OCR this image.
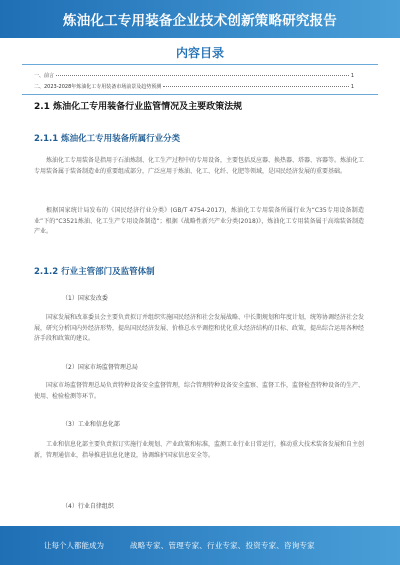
炼油化工专用装备企业技术创新策略研究报告
内容目录
一、前言	1
二、2023-2028年炼油化工专用装备市场前景及趋势预测	1
2.1 炼油化工专用装备行业监管情况及主要政策法规
2.1.1 炼油化工专用装备所属行业分类
炼油化工专用装备是指用于石油炼制、化工生产过程中的专用设备，主要包括反应器、换热器、塔器、容器等。炼油化工专用装备属于装备制造业的重要组成部分，广泛应用于炼油、化工、化纤、化肥等领域，是国民经济发展的重要基础。
根据国家统计局发布的《国民经济行业分类》(GB/T 4754-2017)，炼油化工专用装备所属行业为“C35专用设备制造业”下的“C3521炼油、化工生产专用设备制造”；根据《战略性新兴产业分类(2018)》，炼油化工专用装备属于高端装备制造产业。
2.1.2 行业主管部门及监管体制
（1）国家发改委
国家发展和改革委员会主要负责拟订并组织实施国民经济和社会发展战略、中长期规划和年度计划，统筹协调经济社会发展，研究分析国内外经济形势，提出国民经济发展、价格总水平调控和优化重大经济结构的目标、政策，提出综合运用各种经济手段和政策的建议。
（2）国家市场监督管理总局
国家市场监督管理总局负责特种设备安全监督管理，综合管理特种设备安全监察、监督工作，监督检查特种设备的生产、使用、检验检测等环节。
（3）工业和信息化部
工业和信息化部主要负责拟订实施行业规划、产业政策和标准，监测工业行业日常运行，推动重大技术装备发展和自主创新，管理通信业，指导推进信息化建设，协调维护国家信息安全等。
（4）行业自律组织
让每个人都能成为	战略专家、管理专家、行业专家、投资专家、咨询专家
